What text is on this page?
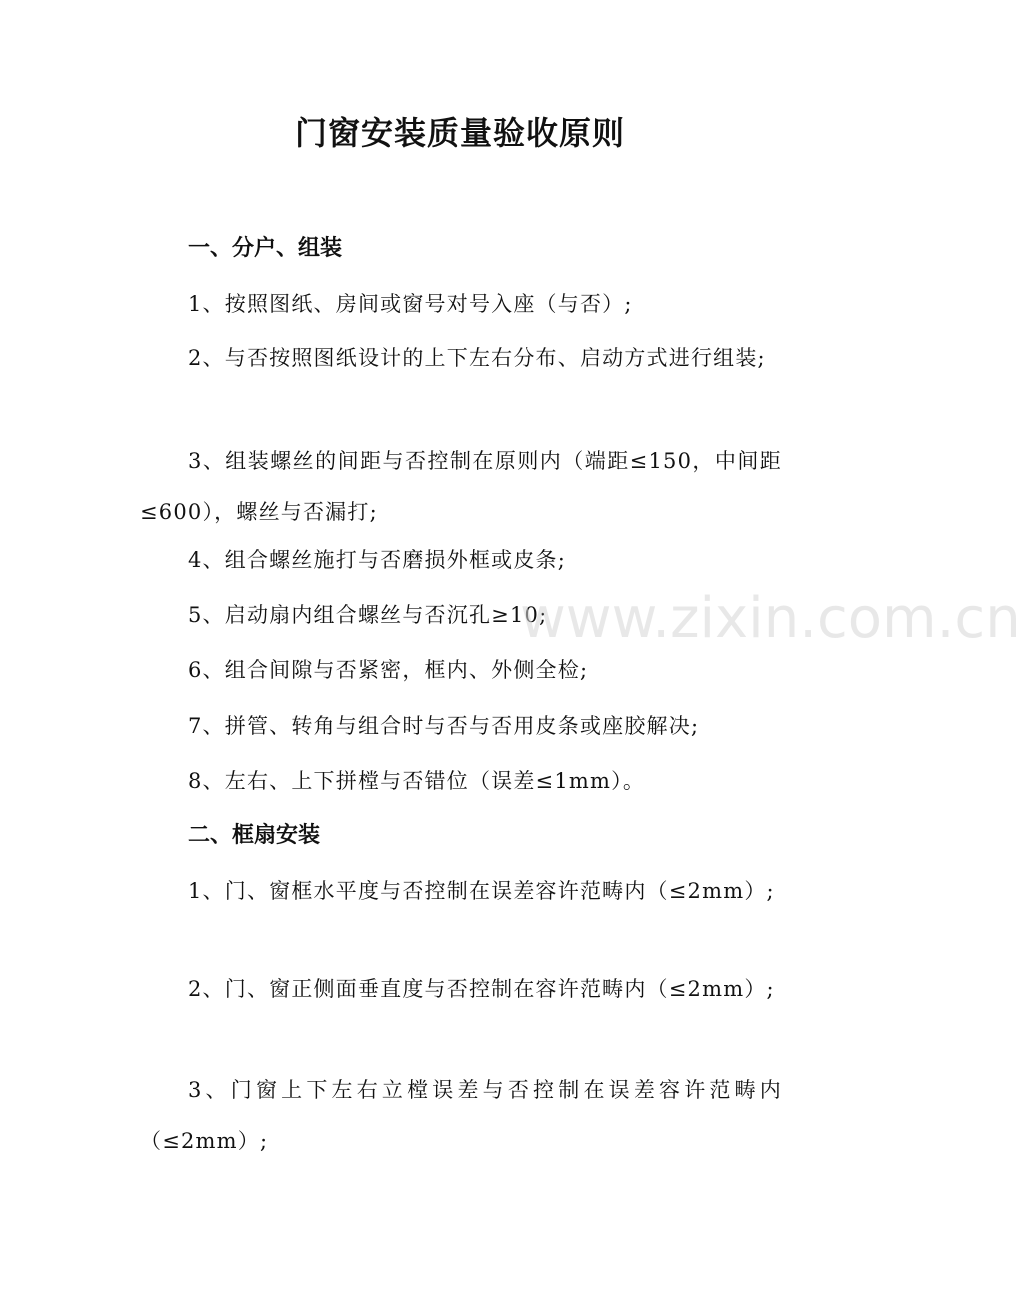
门窗安装质量验收原则
一、分户、组装
1、按照图纸、房间或窗号对号入座（与否）;
2、与否按照图纸设计的上下左右分布、启动方式进行组装;
3、组装螺丝的间距与否控制在原则内（端距≤150，中间距≤600），螺丝与否漏打;
4、组合螺丝施打与否磨损外框或皮条;
5、启动扇内组合螺丝与否沉孔≥10;
6、组合间隙与否紧密，框内、外侧全检;
7、拼管、转角与组合时与否与否用皮条或座胶解决;
8、左右、上下拼樘与否错位（误差≤1mm）。
二、框扇安装
1、门、窗框水平度与否控制在误差容许范畴内（≤2mm）;
2、门、窗正侧面垂直度与否控制在容许范畴内（≤2mm）;
3、门窗上下左右立樘误差与否控制在误差容许范畴内（≤2mm）;
www.zixin.com.cn
